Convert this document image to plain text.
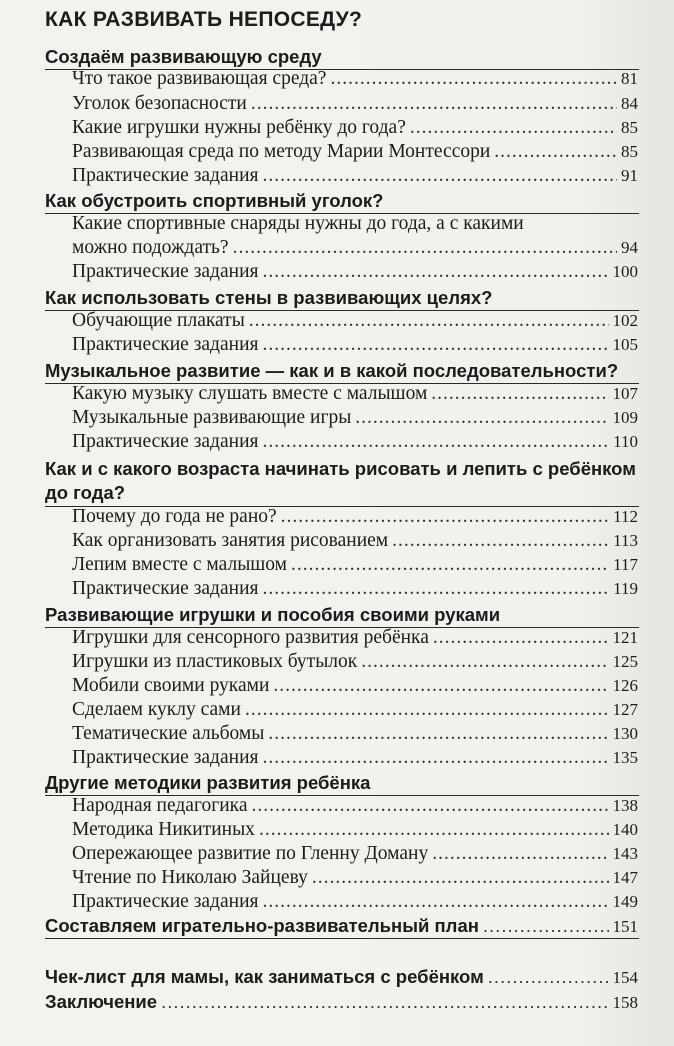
КАК РАЗВИВАТЬ НЕПОСЕДУ?
Создаём развивающую среду
Что такое развивающая среда? .....	81
Уголок безопасности .....	84
Какие игрушки нужны ребёнку до года? .....	85
Развивающая среда по методу Марии Монтессори .....	85
Практические задания .....	91
Как обустроить спортивный уголок?
Какие спортивные снаряды нужны до года, а с какими
можно подождать? .....	94
Практические задания .....	100
Как использовать стены в развивающих целях?
Обучающие плакаты .....	102
Практические задания .....	105
Музыкальное развитие — как и в какой последовательности?
Какую музыку слушать вместе с малышом .....	107
Музыкальные развивающие игры .....	109
Практические задания .....	110
Как и с какого возраста начинать рисовать и лепить с ребёнком
до года?
Почему до года не рано? .....	112
Как организовать занятия рисованием .....	113
Лепим вместе с малышом .....	117
Практические задания .....	119
Развивающие игрушки и пособия своими руками
Игрушки для сенсорного развития ребёнка .....	121
Игрушки из пластиковых бутылок .....	125
Мобили своими руками .....	126
Сделаем куклу сами .....	127
Тематические альбомы .....	130
Практические задания .....	135
Другие методики развития ребёнка
Народная педагогика .....	138
Методика Никитиных .....	140
Опережающее развитие по Гленну Доману .....	143
Чтение по Николаю Зайцеву .....	147
Практические задания .....	149
Составляем игрательно-развивательный план .....	151
Чек-лист для мамы, как заниматься с ребёнком .....	154
Заключение .....	158
